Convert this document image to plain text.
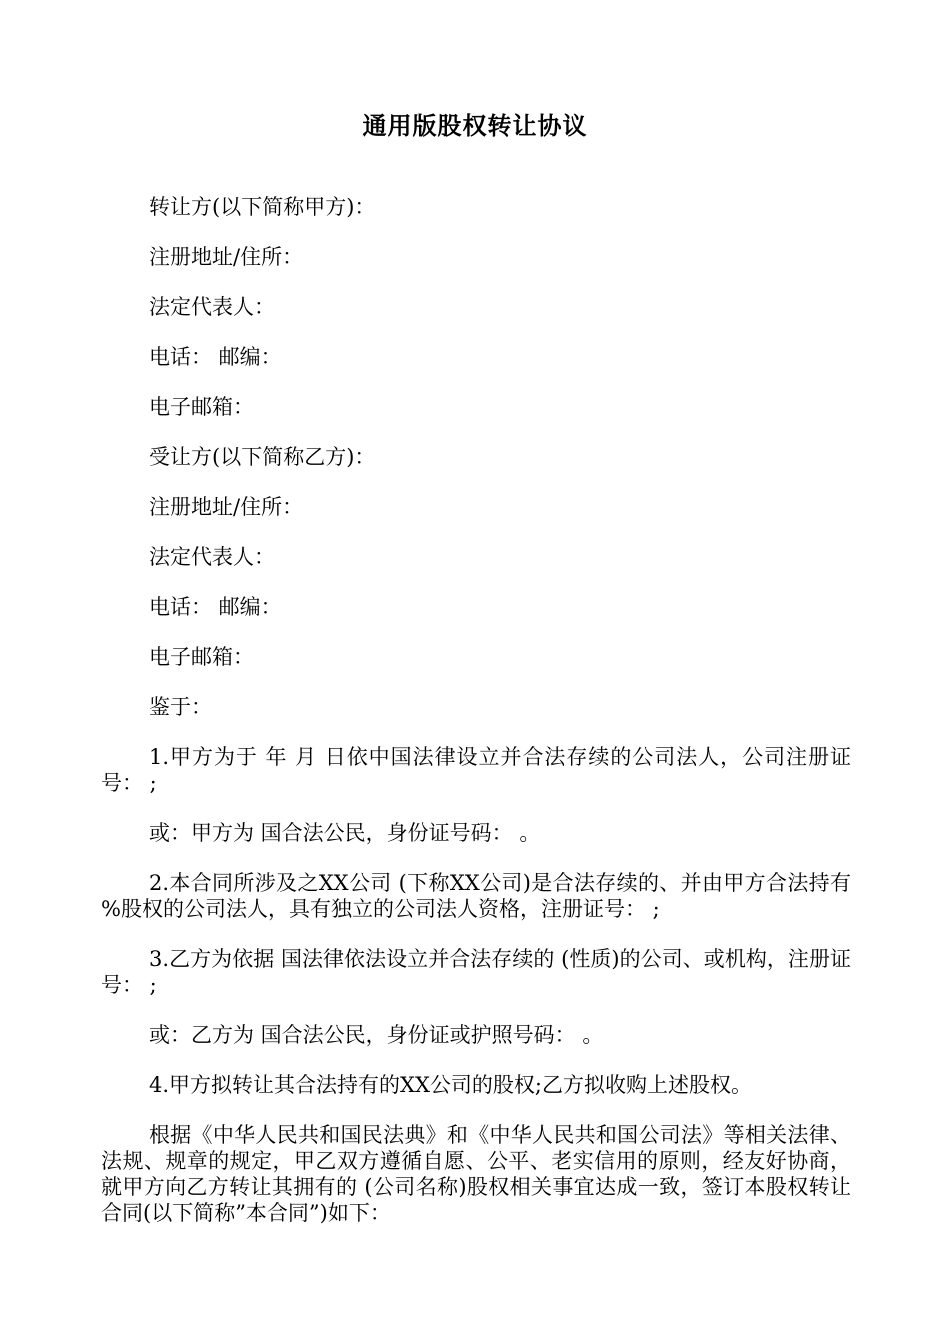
通用版股权转让协议

转让方(以下简称甲方)：

注册地址/住所：

法定代表人：

电话： 邮编：

电子邮箱：

受让方(以下简称乙方)：

注册地址/住所：

法定代表人：

电话： 邮编：

电子邮箱：

鉴于：

1.甲方为于 年 月 日依中国法律设立并合法存续的公司法人，公司注册证号： ;

或：甲方为 国合法公民，身份证号码： 。

2.本合同所涉及之XX公司 (下称XX公司)是合法存续的、并由甲方合法持有 %股权的公司法人，具有独立的公司法人资格，注册证号： ;

3.乙方为依据 国法律依法设立并合法存续的 (性质)的公司、或机构，注册证号： ;

或：乙方为 国合法公民，身份证或护照号码： 。

4.甲方拟转让其合法持有的XX公司的股权;乙方拟收购上述股权。

根据《中华人民共和国民法典》和《中华人民共和国公司法》等相关法律、法规、规章的规定，甲乙双方遵循自愿、公平、老实信用的原则，经友好协商，就甲方向乙方转让其拥有的 (公司名称)股权相关事宜达成一致，签订本股权转让合同(以下简称”本合同”)如下：
